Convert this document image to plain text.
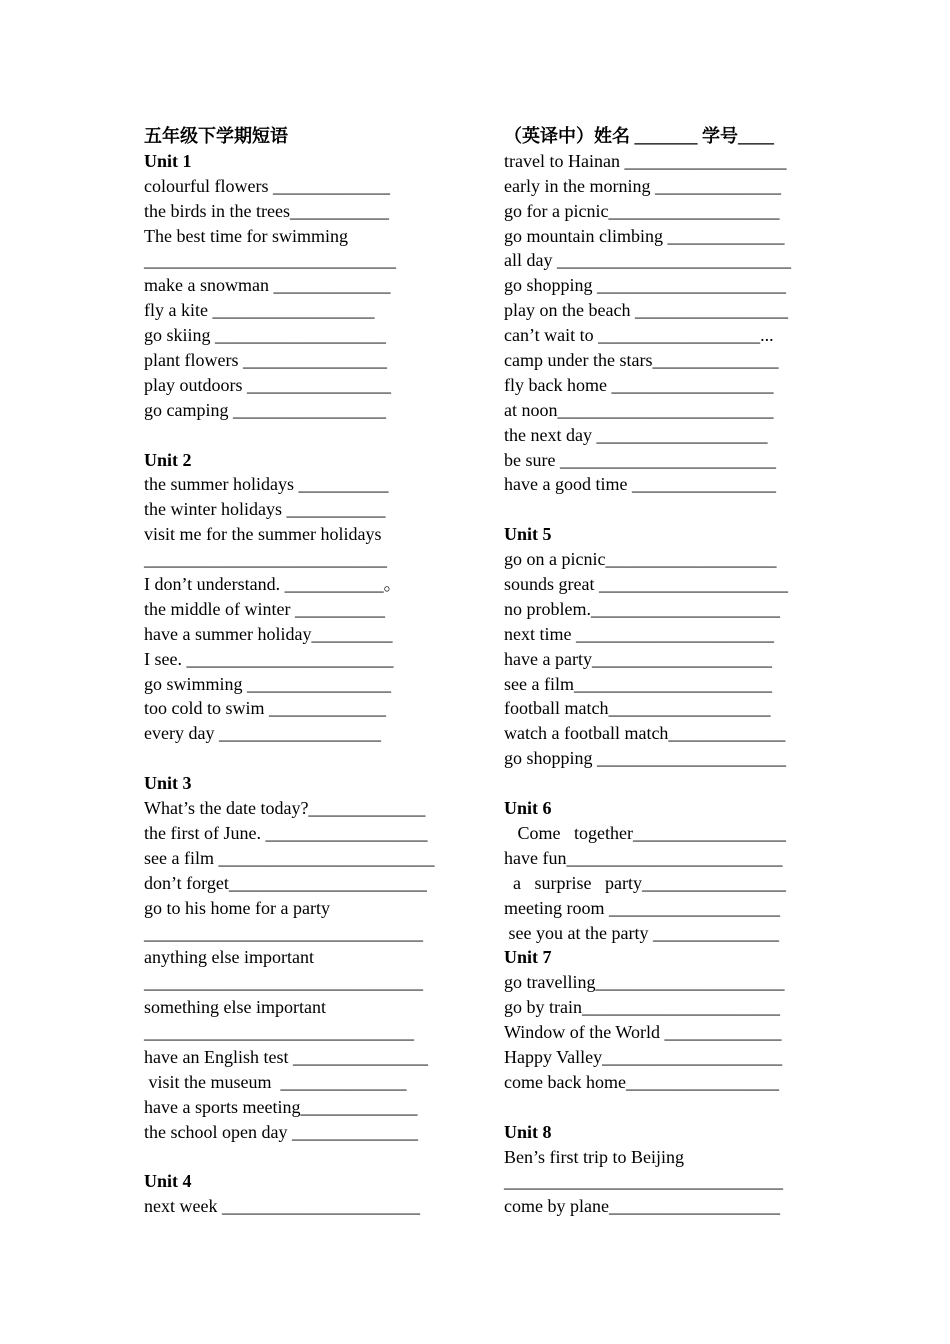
五年级下学期短语
Unit 1
colourful flowers _____________
the birds in the trees___________
The best time for swimming
____________________________
make a snowman _____________
fly a kite __________________
go skiing ___________________
plant flowers ________________
play outdoors ________________
go camping _________________
Unit 2
the summer holidays __________
the winter holidays ___________
visit me for the summer holidays
___________________________
I don’t understand. ___________。
the middle of winter __________
have a summer holiday_________
I see. _______________________
go swimming ________________
too cold to swim _____________
every day __________________
Unit 3
What’s the date today?_____________
the first of June. __________________
see a film ________________________
don’t forget______________________
go to his home for a party
_______________________________
anything else important
_______________________________
something else important
______________________________
have an English test _______________
visit the museum  ______________
have a sports meeting_____________
the school open day ______________
Unit 4
next week ______________________
（英译中）姓名 _______ 学号____
travel to Hainan __________________
early in the morning ______________
go for a picnic___________________
go mountain climbing _____________
all day __________________________
go shopping _____________________
play on the beach _________________
can’t wait to __________________...
camp under the stars______________
fly back home __________________
at noon________________________
the next day ___________________
be sure ________________________
have a good time ________________
Unit 5
go on a picnic___________________
sounds great _____________________
no problem._____________________
next time ______________________
have a party____________________
see a film______________________
football match__________________
watch a football match_____________
go shopping _____________________
Unit 6
Come   together_________________
have fun________________________
a   surprise   party________________
meeting room ___________________
see you at the party ______________
Unit 7
go travelling_____________________
go by train______________________
Window of the World _____________
Happy Valley____________________
come back home_________________
Unit 8
Ben’s first trip to Beijing
_______________________________
come by plane___________________
